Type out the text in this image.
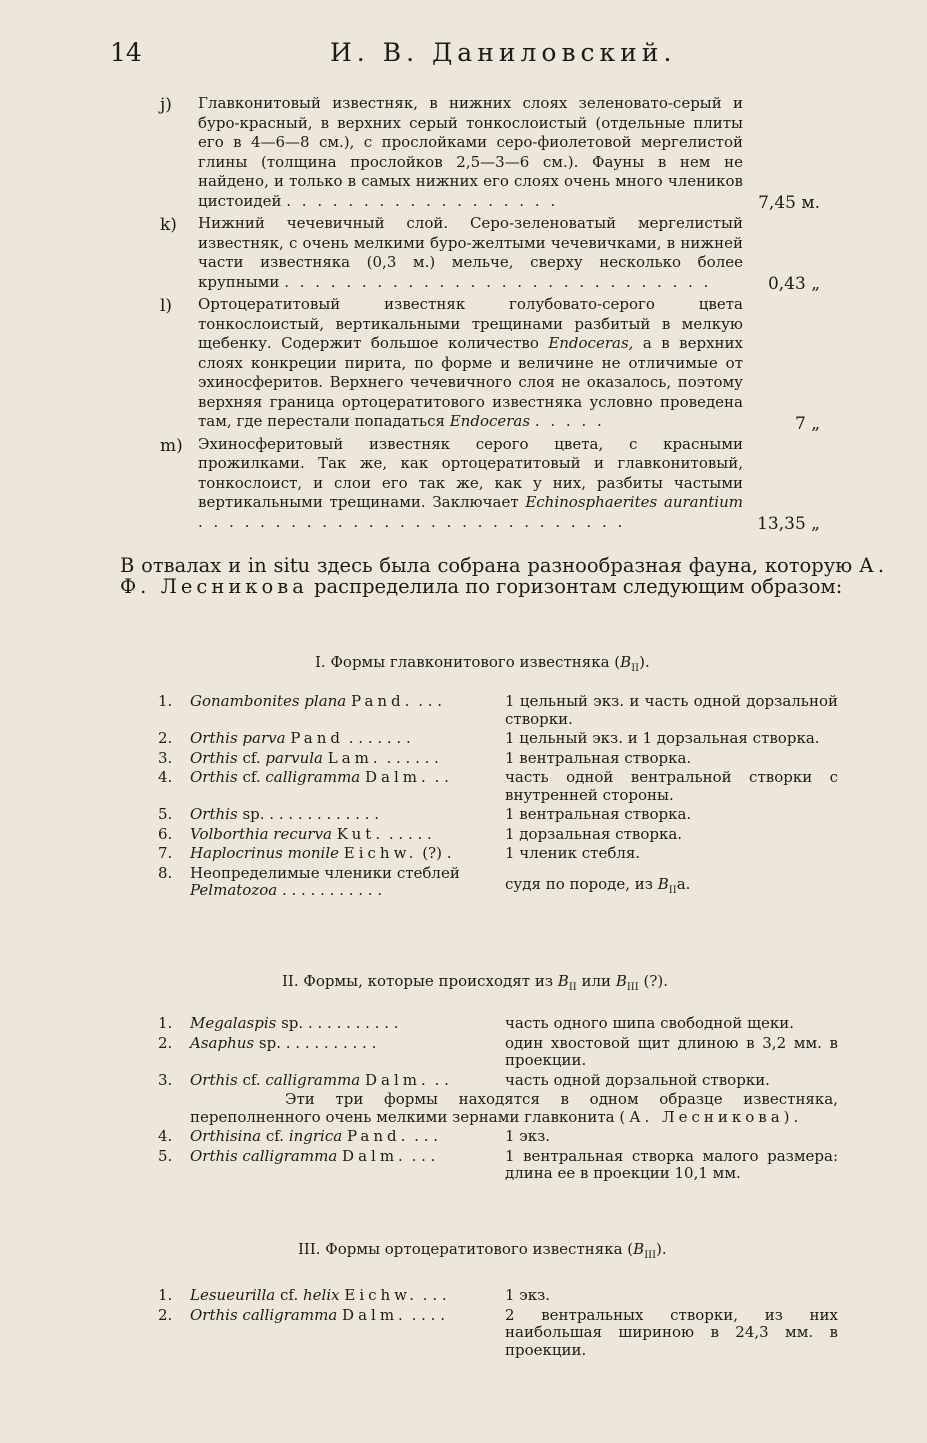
14	И. В. Даниловский.
j) Главконитовый известняк, в нижних слоях зеленовато-серый и буро-красный, в верхних серый тонкослоистый (отдельные плиты его в 4—6—8 см.), с прослойками серо-фиолетовой мергелистой глины (толщина прослойков 2,5—3—6 см.). Фауны в нем не найдено, и только в самых нижних его слоях очень много члеников цистоидей . . . . . . . . . . . . . . . . . .	7,45 м.
k) Нижний чечевичный слой. Серо-зеленоватый мергелистый известняк, с очень мелкими буро-желтыми чечевичками, в нижней части известняка (0,3 м.) мельче, сверху несколько более крупными . . . . . . . . . . . . . . . . . . . . . . . . . . . .	0,43 „
l) Ортоцератитовый известняк голубовато-серого цвета тонкослоистый, вертикальными трещинами разбитый в мелкую щебенку. Содержит большое количество Endoceras, а в верхних слоях конкреции пирита, по форме и величине не отличимые от эхиносферитов. Верхнего чечевичного слоя не оказалось, поэтому верхняя граница ортоцератитового известняка условно проведена там, где перестали попадаться Endoceras . . . . .	7 „
m) Эхиносферитовый известняк серого цвета, с красными прожилками. Так же, как ортоцератитовый и главконитовый, тонкослоист, и слои его так же, как у них, разбиты частыми вертикальными трещинами. Заключает Echinosphaerites aurantium . . . . . . . . . . . . . . . . . . . . . . . . . . . .	13,35 „
В отвалах и in situ здесь была собрана разнообразная фауна, которую А. Ф. Лесникова распределила по горизонтам следующим образом:
I. Формы главконитового известняка $(B_{II})$.
1.	Gonambonites plana Pand. . . .	1 цельный экз. и часть одной дорзальной створки.
2.	Orthis parva Pand . . . . . . .	1 цельный экз. и 1 дорзальная створка.
3.	Orthis cf. parvula Lam. . . . . . .	1 вентральная створка.
4.	Orthis cf. calligramma Dalm. . .	часть одной вентральной створки с внутренней стороны.
5.	Orthis sp. . . . . . . . . . . . .	1 вентральная створка.
6.	Volborthia recurva Kut. . . . . .	1 дорзальная створка.
7.	Haplocrinus monile Eichw. (?) .	1 членик стебля.
8.	Неопределимые членики стеблей Pelmatozoa . . . . . . . . . . .	судя по породе, из $B_{II}a$.
II. Формы, которые происходят из $B_{II}$ или $B_{III}$ (?).
1.	Megalaspis sp. . . . . . . . . . .	часть одного шипа свободной щеки.
2.	Asaphus sp. . . . . . . . . . .	один хвостовой щит длиною в 3,2 мм. в проекции.
3.	Orthis cf. calligramma Dalm. . .	часть одной дорзальной створки.
Эти три формы находятся в одном образце известняка, переполненного очень мелкими зернами главконита (А. Лесникова).
4.	Orthisina cf. ingrica Pand. . . .	1 экз.
5.	Orthis calligramma Dalm. . . .	1 вентральная створка малого размера: длина ее в проекции 10,1 мм.
III. Формы ортоцератитового известняка $(B_{III})$.
1.	Lesueurilla cf. helix Eichw. . . .	1 экз.
2.	Orthis calligramma Dalm. . . . .	2 вентральных створки, из них наибольшая шириною в 24,3 мм. в проекции.
